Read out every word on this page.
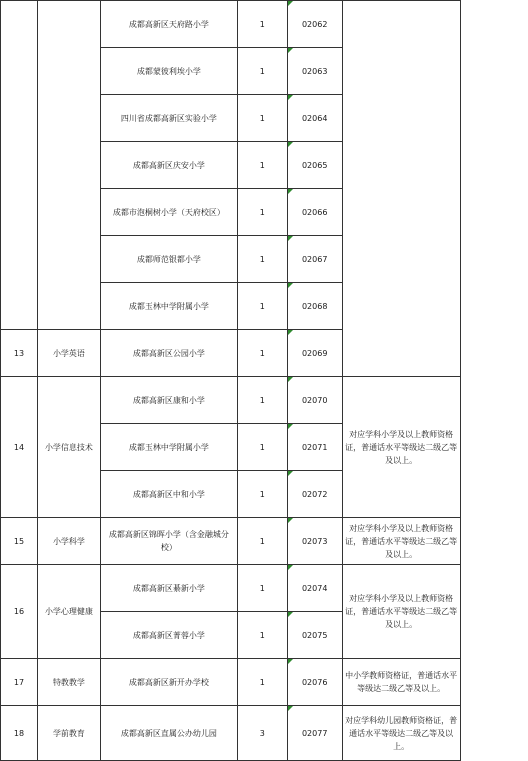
		成都高新区天府路小学	1	02062		
		成都蒙彼利埃小学	1	02063		
		四川省成都高新区实验小学	1	02064		
		成都高新区庆安小学	1	02065		
		成都市泡桐树小学（天府校区）	1	02066		
		成都师范银都小学	1	02067		
		成都玉林中学附属小学	1	02068		
13	小学英语	成都高新区公园小学	1	02069		
14	小学信息技术	成都高新区康和小学	1	02070	对应学科小学及以上教师资格证，普通话水平等级达二级乙等及以上。	
		成都玉林中学附属小学	1	02071		
		成都高新区中和小学	1	02072		
15	小学科学	成都高新区锦晖小学（含金融城分校）	1	02073	对应学科小学及以上教师资格证，普通话水平等级达二级乙等及以上。	
16	小学心理健康	成都高新区綦新小学	1	02074	对应学科小学及以上教师资格证，普通话水平等级达二级乙等及以上。	
		成都高新区菁蓉小学	1	02075		
17	特教教学	成都高新区新开办学校	1	02076	中小学教师资格证，普通话水平等级达二级乙等及以上。	
18	学前教育	成都高新区直属公办幼儿园	3	02077	对应学科幼儿园教师资格证，普通话水平等级达二级乙等及以上。	
